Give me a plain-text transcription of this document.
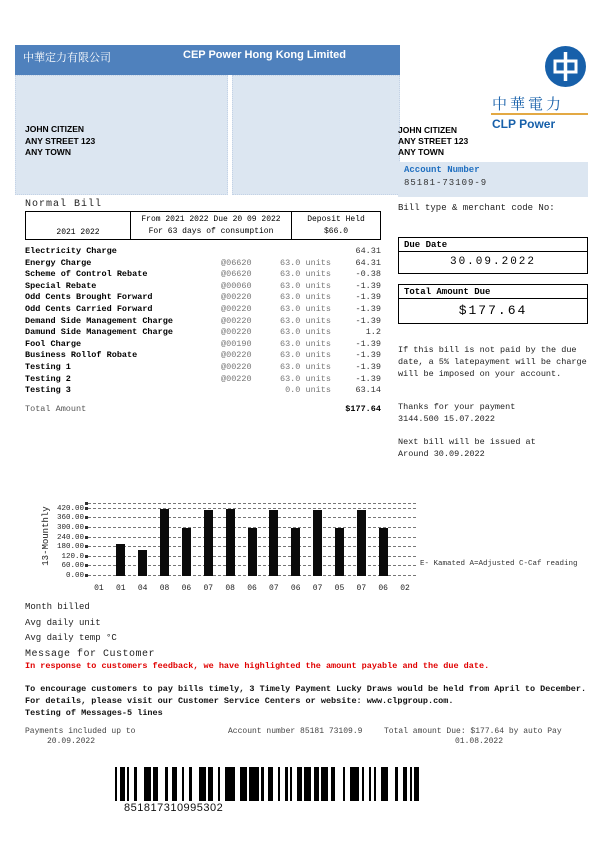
中華定力有限公司	CEP Power Hong Kong Limited
JOHN CITIZEN
ANY STREET 123
ANY TOWN
中華電力
CLP Power
JOHN CITIZEN
ANY STREET 123
ANY TOWN
Account Number
85181-73109-9
Bill type & merchant code No:
Normal Bill
2021 2022
From 2021 2022 Due 20 09 2022
For 63 days of consumption
Deposit Held
$66.0
Electricity Charge	64.31
Energy Charge	@06620	63.0 units	64.31
Scheme of Control Rebate	@06620	63.0 units	-0.38
Special Rebate	@00060	63.0 units	-1.39
Odd Cents Brought Forward	@00220	63.0 units	-1.39
Odd Cents Carried Forward	@00220	63.0 units	-1.39
Demand Side Management Charge	@00220	63.0 units	-1.39
Damund Side Management Charge	@00220	63.0 units	1.2
Fool Charge	@00190	63.0 units	-1.39
Business Rollof Robate	@00220	63.0 units	-1.39
Testing 1	@00220	63.0 units	-1.39
Testing 2	@00220	63.0 units	-1.39
Testing 3	0.0 units	63.14
Total Amount	$177.64
Due Date
30.09.2022
Total Amount Due
$177.64
If this bill is not paid by the due date, a 5% latepayment will be charge will be imposed on your account.
Thanks for your payment
3144.500 15.07.2022
Next bill will be issued at
Around 30.09.2022
13-Mounthly 420.00
360.00
300.00
240.00
180.00
120.0
60.00
0.00
01	01	04	08	06	07	08	06	07	06	07	05	07	06	02
E- Kamated A=Adjusted C-Caf reading
Month billed
Avg daily unit
Avg daily temp °C
Message for Customer
In response to customers feedback, we have highlighted the amount payable and the due date.
To encourage customers to pay bills timely, 3 Timely Payment Lucky Draws would be held from April to December.
For details, please visit our Customer Service Centers or website: www.clpgroup.com.
Testing of Messages-5 lines
Payments included up to
20.09.2022
Account number 85181 73109.9	Total amount Due: $177.64 by auto Pay
01.08.2022
851817310995302
